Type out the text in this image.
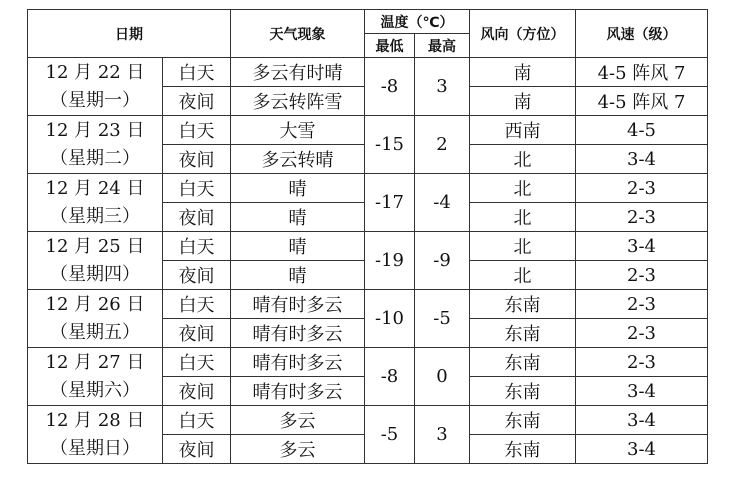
日期		天气现象	温度（℃）		风向（方位）	风速（级）
			最低	最高		

12 月 22 日
（星期一）	白天	多云有时晴	-8	3	南	4-5 阵风 7
	夜间	多云转阵雪			南	4-5 阵风 7

12 月 23 日
（星期二）	白天	大雪	-15	2	西南	4-5
	夜间	多云转晴			北	3-4

12 月 24 日
（星期三）	白天	晴	-17	-4	北	2-3
	夜间	晴			北	2-3

12 月 25 日
（星期四）	白天	晴	-19	-9	北	3-4
	夜间	晴			北	2-3

12 月 26 日
（星期五）	白天	晴有时多云	-10	-5	东南	2-3
	夜间	晴有时多云			东南	2-3

12 月 27 日
（星期六）	白天	晴有时多云	-8	0	东南	2-3
	夜间	晴有时多云			东南	3-4

12 月 28 日
（星期日）	白天	多云	-5	3	东南	3-4
	夜间	多云			东南	3-4
